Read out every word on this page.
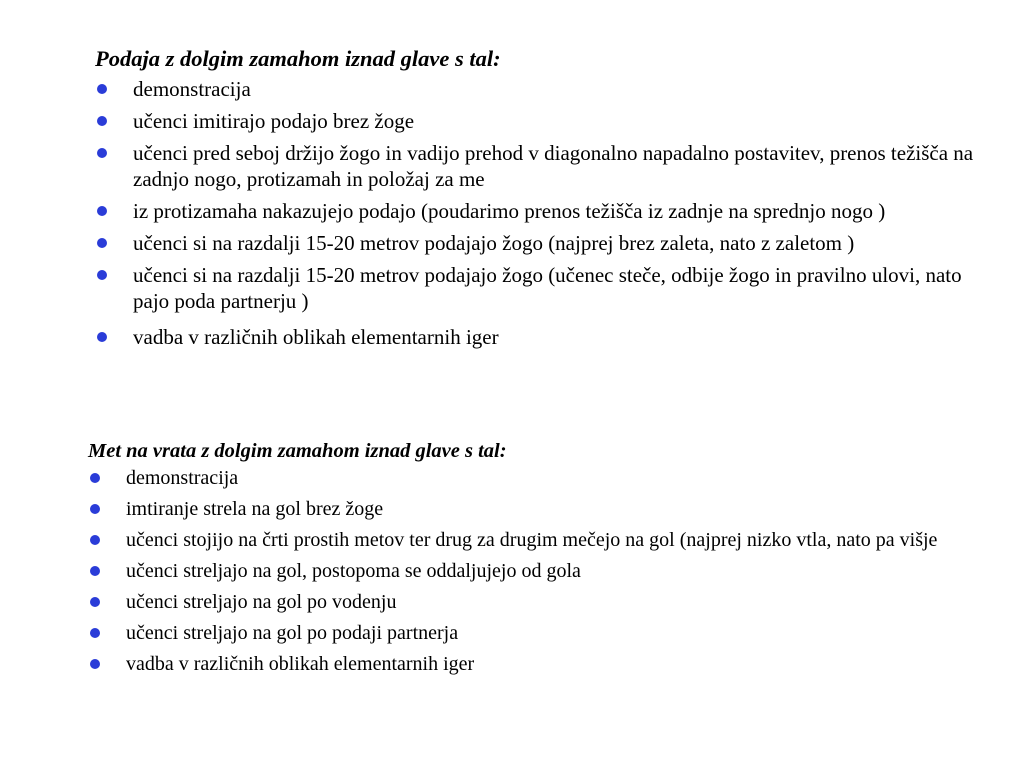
Podaja z dolgim zamahom iznad glave s tal:
demonstracija
učenci imitirajo podajo brez žoge
učenci pred seboj držijo žogo in vadijo prehod v diagonalno napadalno postavitev, prenos težišča na zadnjo nogo, protizamah in položaj za me
iz protizamaha nakazujejo podajo (poudarimo prenos težišča iz zadnje na sprednjo nogo )
učenci si na razdalji 15-20 metrov podajajo žogo (najprej brez zaleta, nato z zaletom )
učenci si na razdalji 15-20 metrov podajajo žogo (učenec steče, odbije žogo in pravilno ulovi, nato pajo poda partnerju )
vadba v različnih oblikah elementarnih iger
Met na vrata z dolgim zamahom iznad glave s tal:
demonstracija
imtiranje strela na gol brez žoge
učenci stojijo na črti prostih metov ter drug za drugim mečejo na gol (najprej nizko vtla, nato pa višje
učenci streljajo na gol, postopoma se oddaljujejo od gola
učenci streljajo na gol po vodenju
učenci streljajo na gol po podaji partnerja
vadba v različnih oblikah elementarnih iger
